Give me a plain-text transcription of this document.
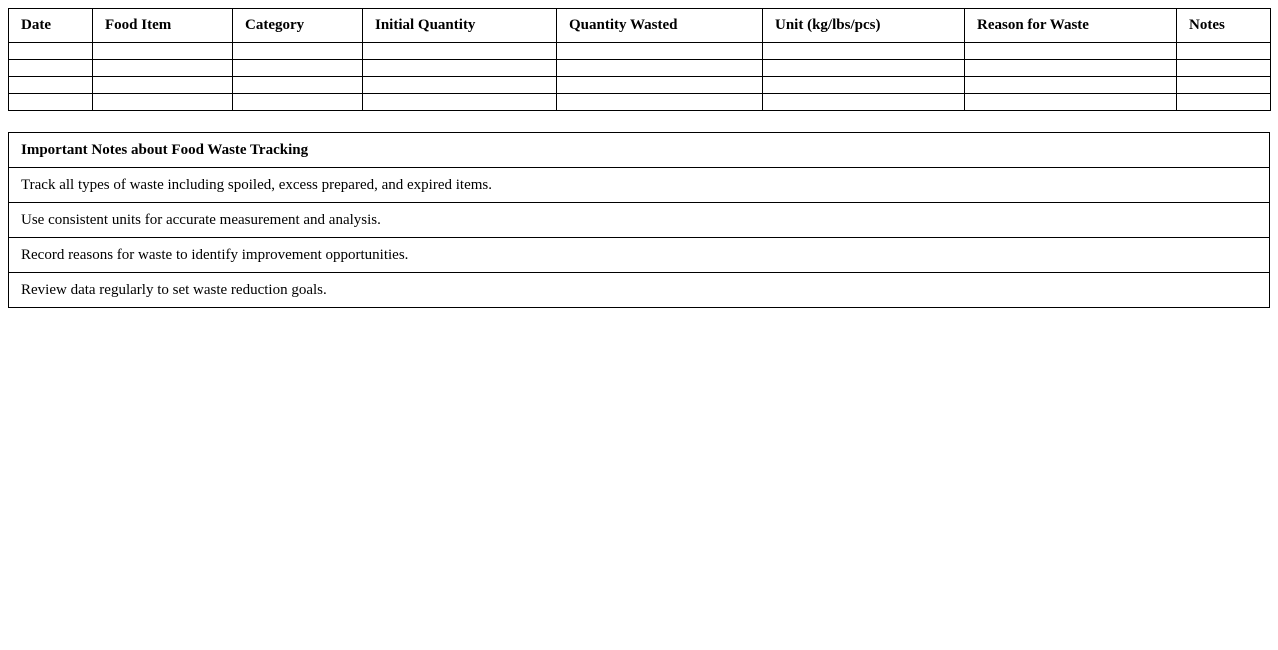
Date	Food Item	Category	Initial Quantity	Quantity Wasted	Unit (kg/lbs/pcs)	Reason for Waste	Notes

Important Notes about Food Waste Tracking
Track all types of waste including spoiled, excess prepared, and expired items.
Use consistent units for accurate measurement and analysis.
Record reasons for waste to identify improvement opportunities.
Review data regularly to set waste reduction goals.
